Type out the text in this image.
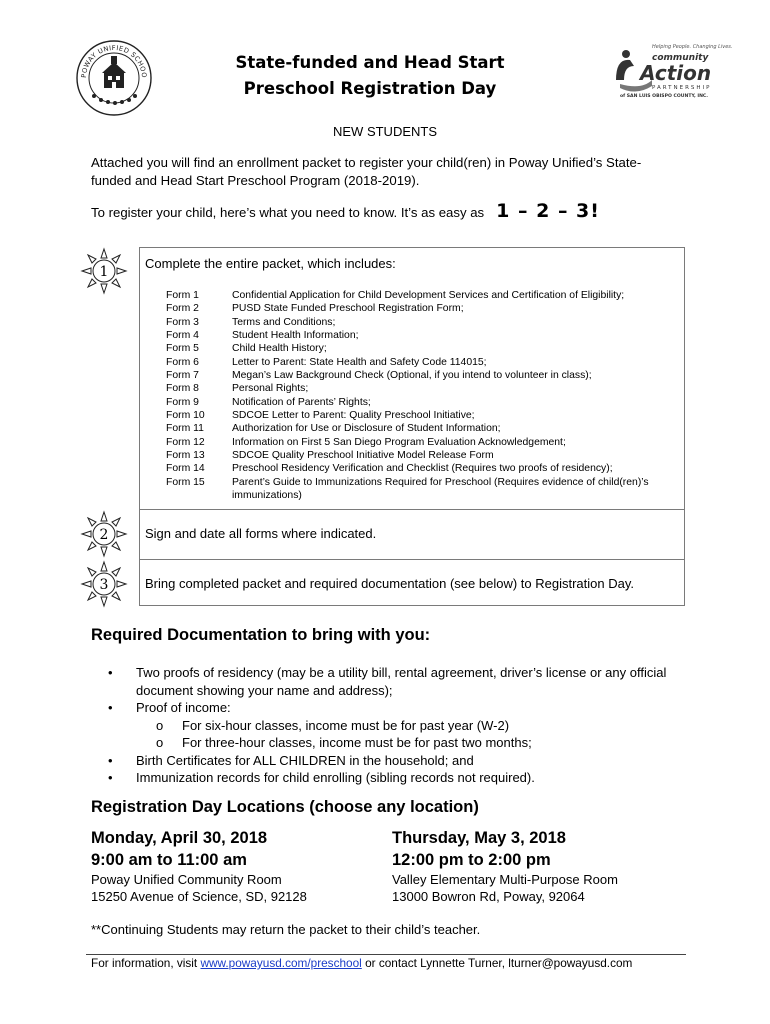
POWAY UNIFIED SCHOO
State-funded and Head Start
Preschool Registration Day
Helping People. Changing Lives.
community
Action
PARTNERSHIP
of SAN LUIS OBISPO COUNTY, INC.
NEW STUDENTS
Attached you will find an enrollment packet to register your child(ren) in Poway Unified’s State-funded and Head Start Preschool Program (2018-2019).
To register your child, here’s what you need to know. It’s as easy as 1 – 2 – 3!
1
2
3
Complete the entire packet, which includes:
Form 1	Confidential Application for Child Development Services and Certification of Eligibility;
Form 2	PUSD State Funded Preschool Registration Form;
Form 3	Terms and Conditions;
Form 4	Student Health Information;
Form 5	Child Health History;
Form 6	Letter to Parent: State Health and Safety Code 114015;
Form 7	Megan’s Law Background Check (Optional, if you intend to volunteer in class);
Form 8	Personal Rights;
Form 9	Notification of Parents’ Rights;
Form 10	SDCOE Letter to Parent: Quality Preschool Initiative;
Form 11	Authorization for Use or Disclosure of Student Information;
Form 12	Information on First 5 San Diego Program Evaluation Acknowledgement;
Form 13	SDCOE Quality Preschool Initiative Model Release Form
Form 14	Preschool Residency Verification and Checklist (Requires two proofs of residency);
Form 15	Parent’s Guide to Immunizations Required for Preschool (Requires evidence of child(ren)’s immunizations)
Sign and date all forms where indicated.
Bring completed packet and required documentation (see below) to Registration Day.
Required Documentation to bring with you:
• Two proofs of residency (may be a utility bill, rental agreement, driver’s license or any official document showing your name and address);
• Proof of income:
o For six-hour classes, income must be for past year (W-2)
o For three-hour classes, income must be for past two months;
• Birth Certificates for ALL CHILDREN in the household; and
• Immunization records for child enrolling (sibling records not required).
Registration Day Locations (choose any location)
Monday, April 30, 2018
9:00 am to 11:00 am
Poway Unified Community Room
15250 Avenue of Science, SD, 92128
Thursday, May 3, 2018
12:00 pm to 2:00 pm
Valley Elementary Multi-Purpose Room
13000 Bowron Rd, Poway, 92064
**Continuing Students may return the packet to their child’s teacher.
For information, visit www.powayusd.com/preschool or contact Lynnette Turner, lturner@powayusd.com
